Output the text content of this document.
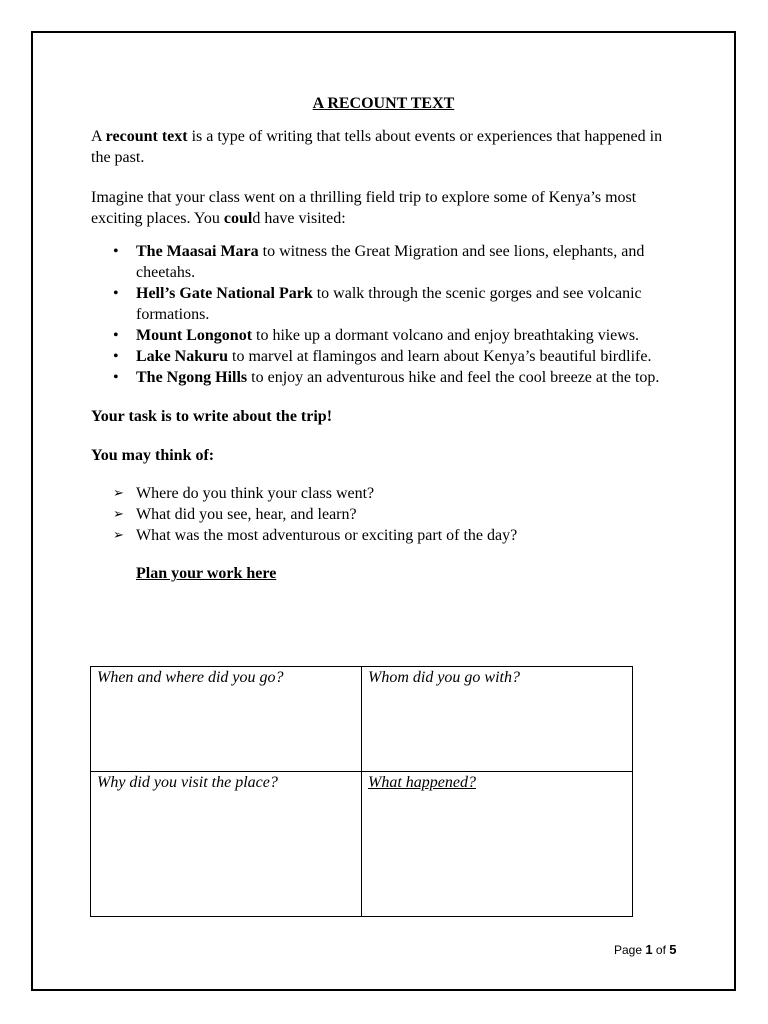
A RECOUNT TEXT

A recount text is a type of writing that tells about events or experiences that happened in the past.

Imagine that your class went on a thrilling field trip to explore some of Kenya’s most exciting places. You could have visited:

• The Maasai Mara to witness the Great Migration and see lions, elephants, and cheetahs.
• Hell’s Gate National Park to walk through the scenic gorges and see volcanic formations.
• Mount Longonot to hike up a dormant volcano and enjoy breathtaking views.
• Lake Nakuru to marvel at flamingos and learn about Kenya’s beautiful birdlife.
• The Ngong Hills to enjoy an adventurous hike and feel the cool breeze at the top.

Your task is to write about the trip!

You may think of:

➢ Where do you think your class went?
➢ What did you see, hear, and learn?
➢ What was the most adventurous or exciting part of the day?

Plan your work here

When and where did you go?	Whom did you go with?
Why did you visit the place?	What happened?
Page 1 of 5
